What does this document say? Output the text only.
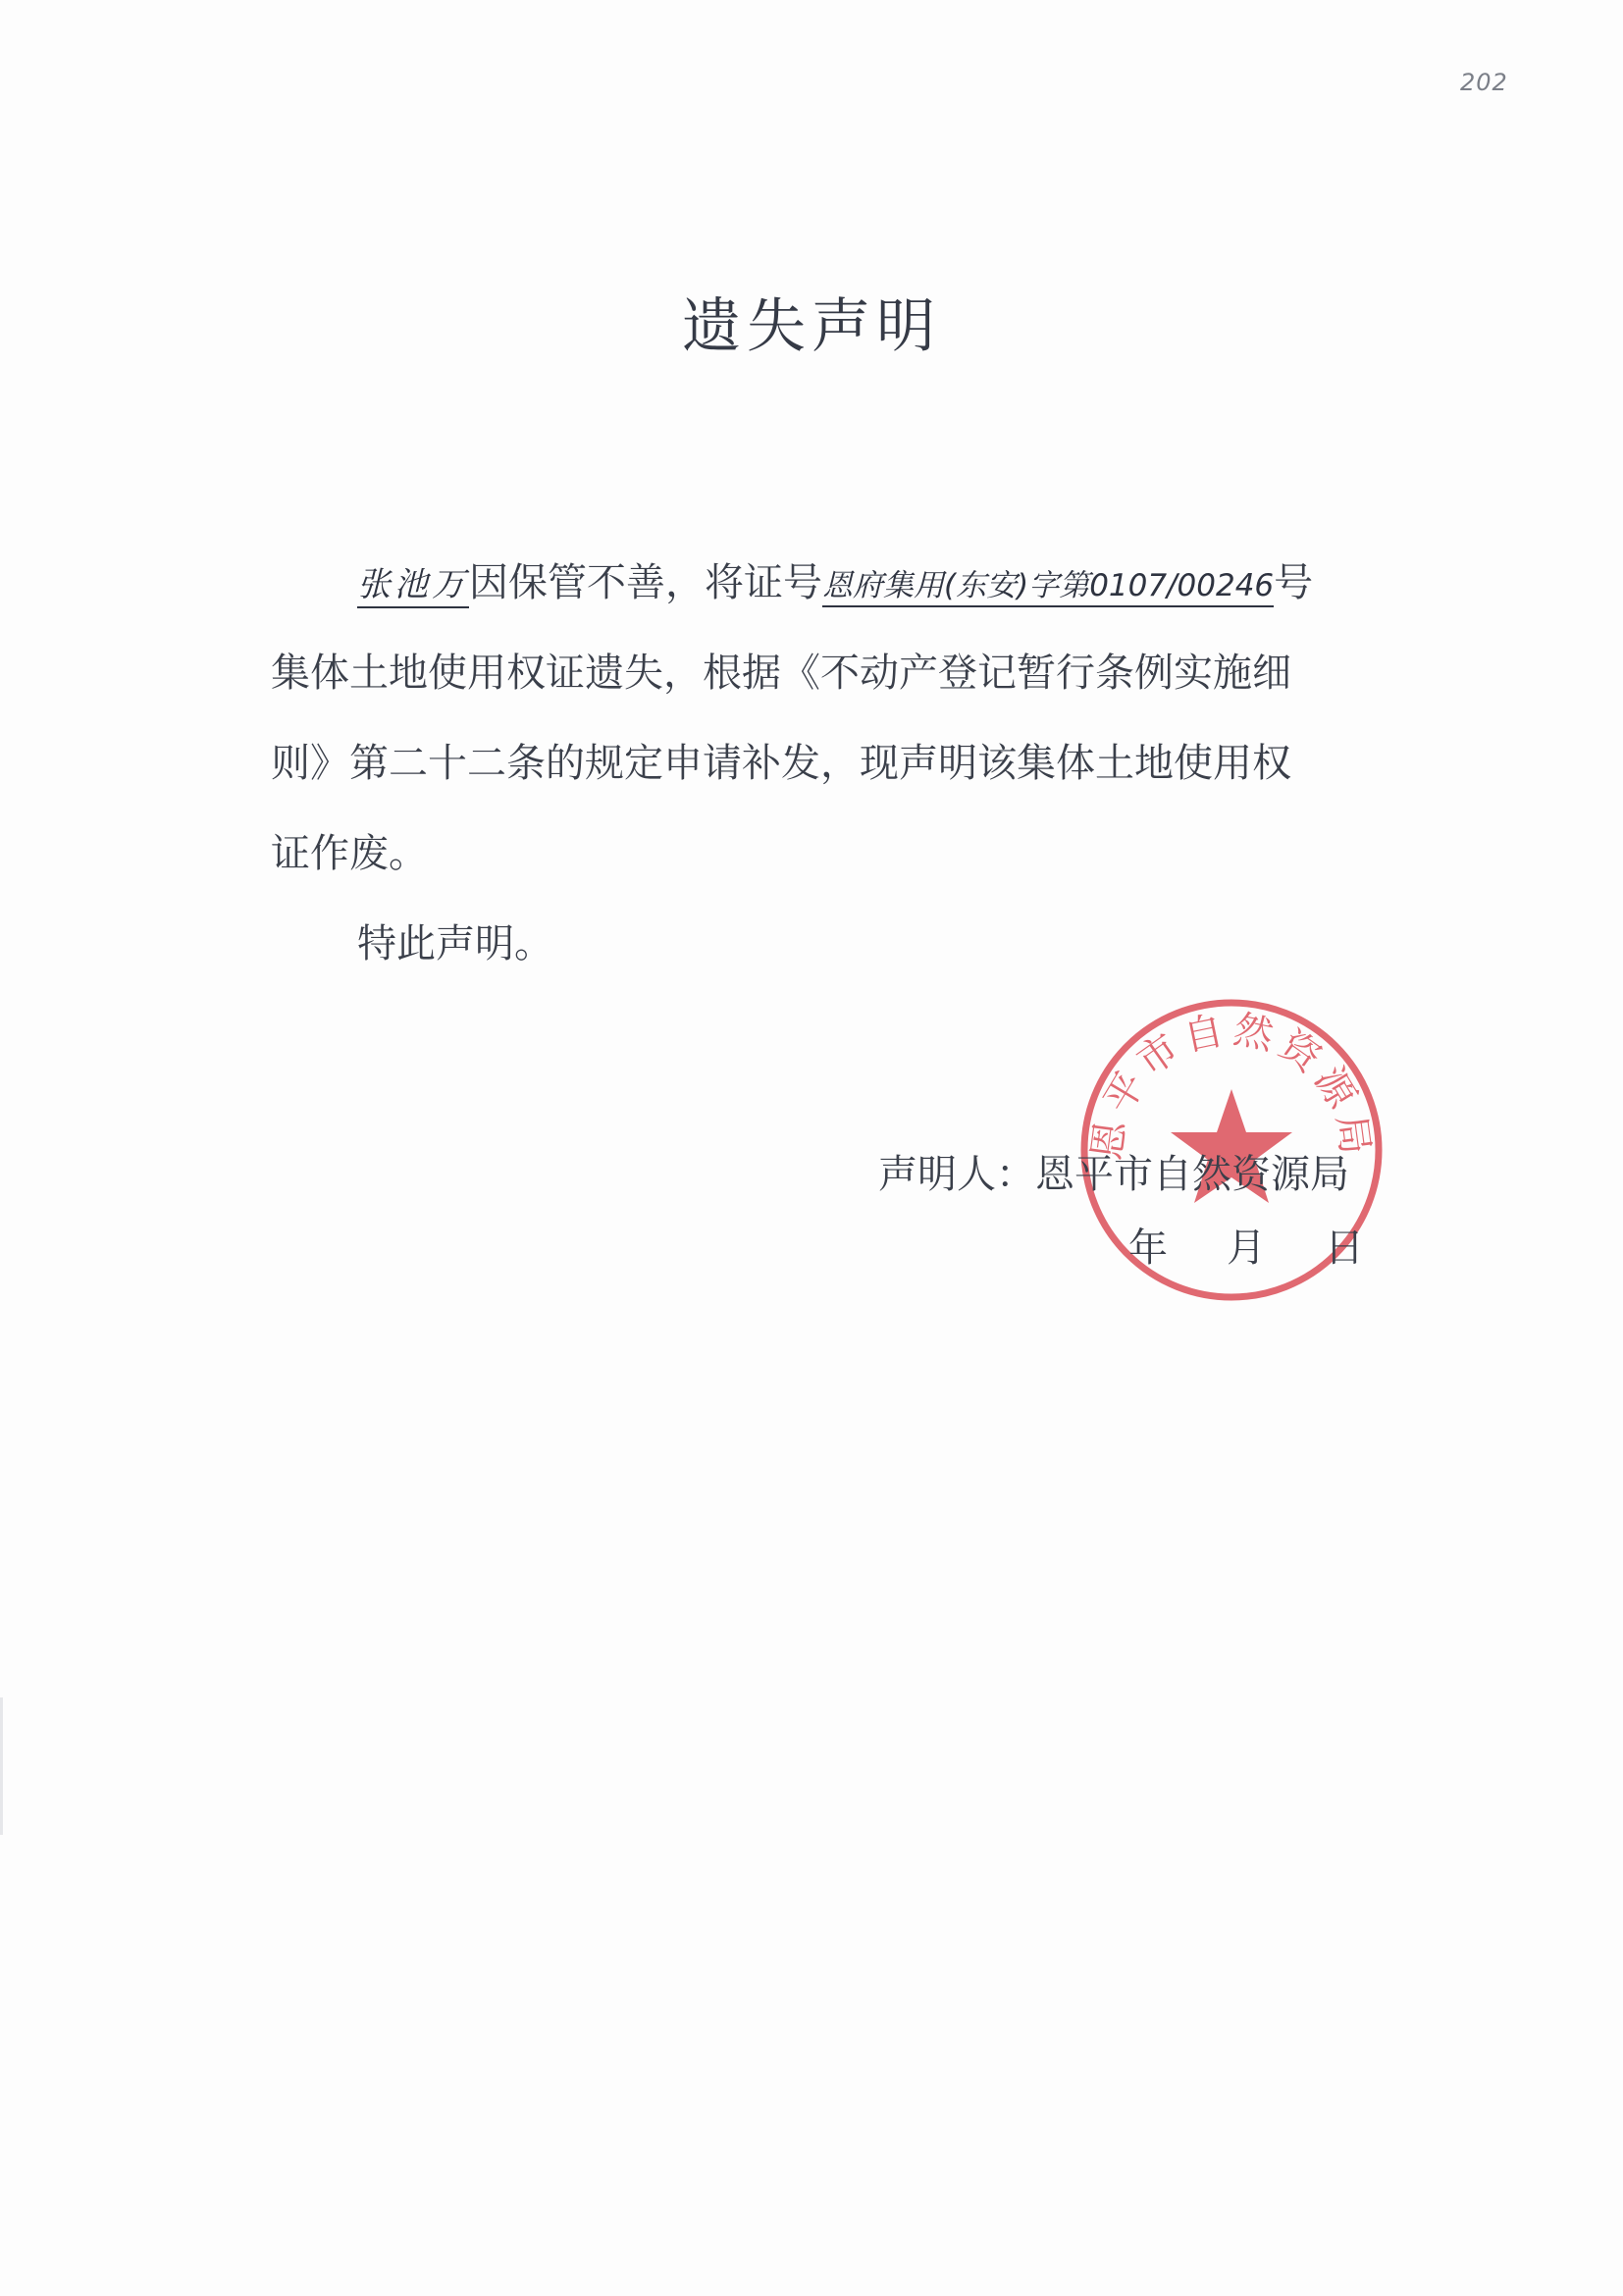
202
遗失声明
张池万因保管不善，将证号恩府集用(东安)字第0107/00246号
集体土地使用权证遗失，根据《不动产登记暂行条例实施细
则》第二十二条的规定申请补发，现声明该集体土地使用权
证作废。
特此声明。
恩平市自然资源局
声明人：恩平市自然资源局
年 月 日
